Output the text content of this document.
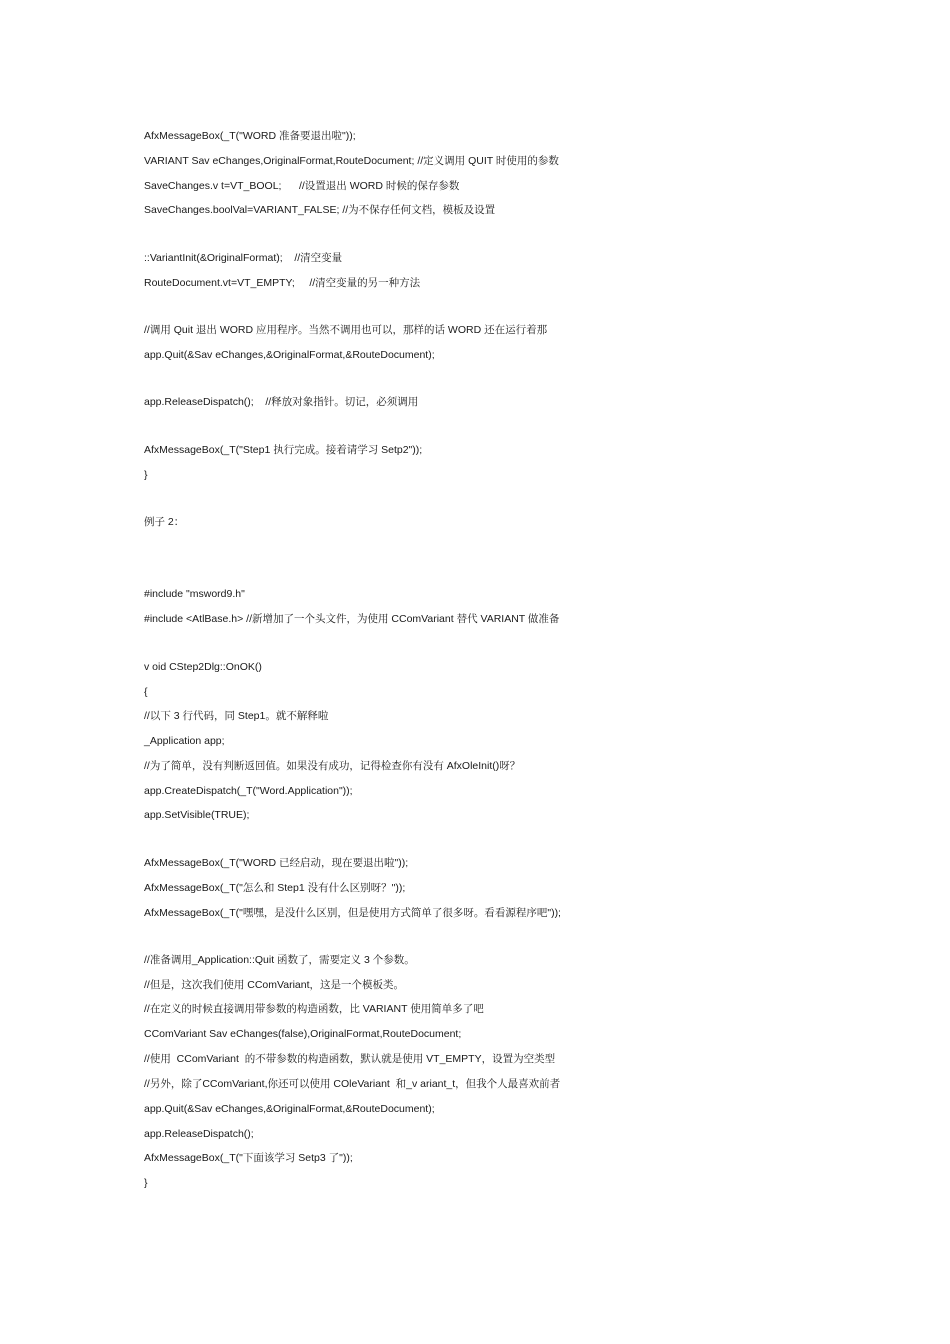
AfxMessageBox(_T("WORD 准备要退出啦"));
VARIANT Sav eChanges,OriginalFormat,RouteDocument; //定义调用 QUIT 时使用的参数
SaveChanges.v t=VT_BOOL;      //设置退出 WORD 时候的保存参数
SaveChanges.boolVal=VARIANT_FALSE; //为不保存任何文档，模板及设置
::VariantInit(&OriginalFormat);    //清空变量
RouteDocument.vt=VT_EMPTY;     //清空变量的另一种方法
//调用 Quit 退出 WORD 应用程序。当然不调用也可以，那样的话 WORD 还在运行着那
app.Quit(&Sav eChanges,&OriginalFormat,&RouteDocument);
app.ReleaseDispatch();    //释放对象指针。切记，必须调用
AfxMessageBox(_T("Step1 执行完成。接着请学习 Setp2"));
}
例子 2：
#include "msword9.h"
#include <AtlBase.h> //新增加了一个头文件，为使用 CComVariant 替代 VARIANT 做准备
v oid CStep2Dlg::OnOK()
{
//以下 3 行代码，同 Step1。就不解释啦
_Application app;
//为了简单，没有判断返回值。如果没有成功，记得检查你有没有 AfxOleInit()呀？
app.CreateDispatch(_T("Word.Application"));
app.SetVisible(TRUE);
AfxMessageBox(_T("WORD 已经启动，现在要退出啦"));
AfxMessageBox(_T("怎么和 Step1 没有什么区别呀？"));
AfxMessageBox(_T("嘿嘿，是没什么区别，但是使用方式简单了很多呀。看看源程序吧"));
//准备调用_Application::Quit 函数了，需要定义 3 个参数。
//但是，这次我们使用 CComVariant，这是一个模板类。
//在定义的时候直接调用带参数的构造函数，比 VARIANT 使用简单多了吧
CComVariant Sav eChanges(false),OriginalFormat,RouteDocument;
//使用  CComVariant  的不带参数的构造函数，默认就是使用 VT_EMPTY，设置为空类型
//另外，除了CComVariant,你还可以使用 COleVariant  和_v ariant_t，但我个人最喜欢前者
app.Quit(&Sav eChanges,&OriginalFormat,&RouteDocument);
app.ReleaseDispatch();
AfxMessageBox(_T("下面该学习 Setp3 了"));
}
